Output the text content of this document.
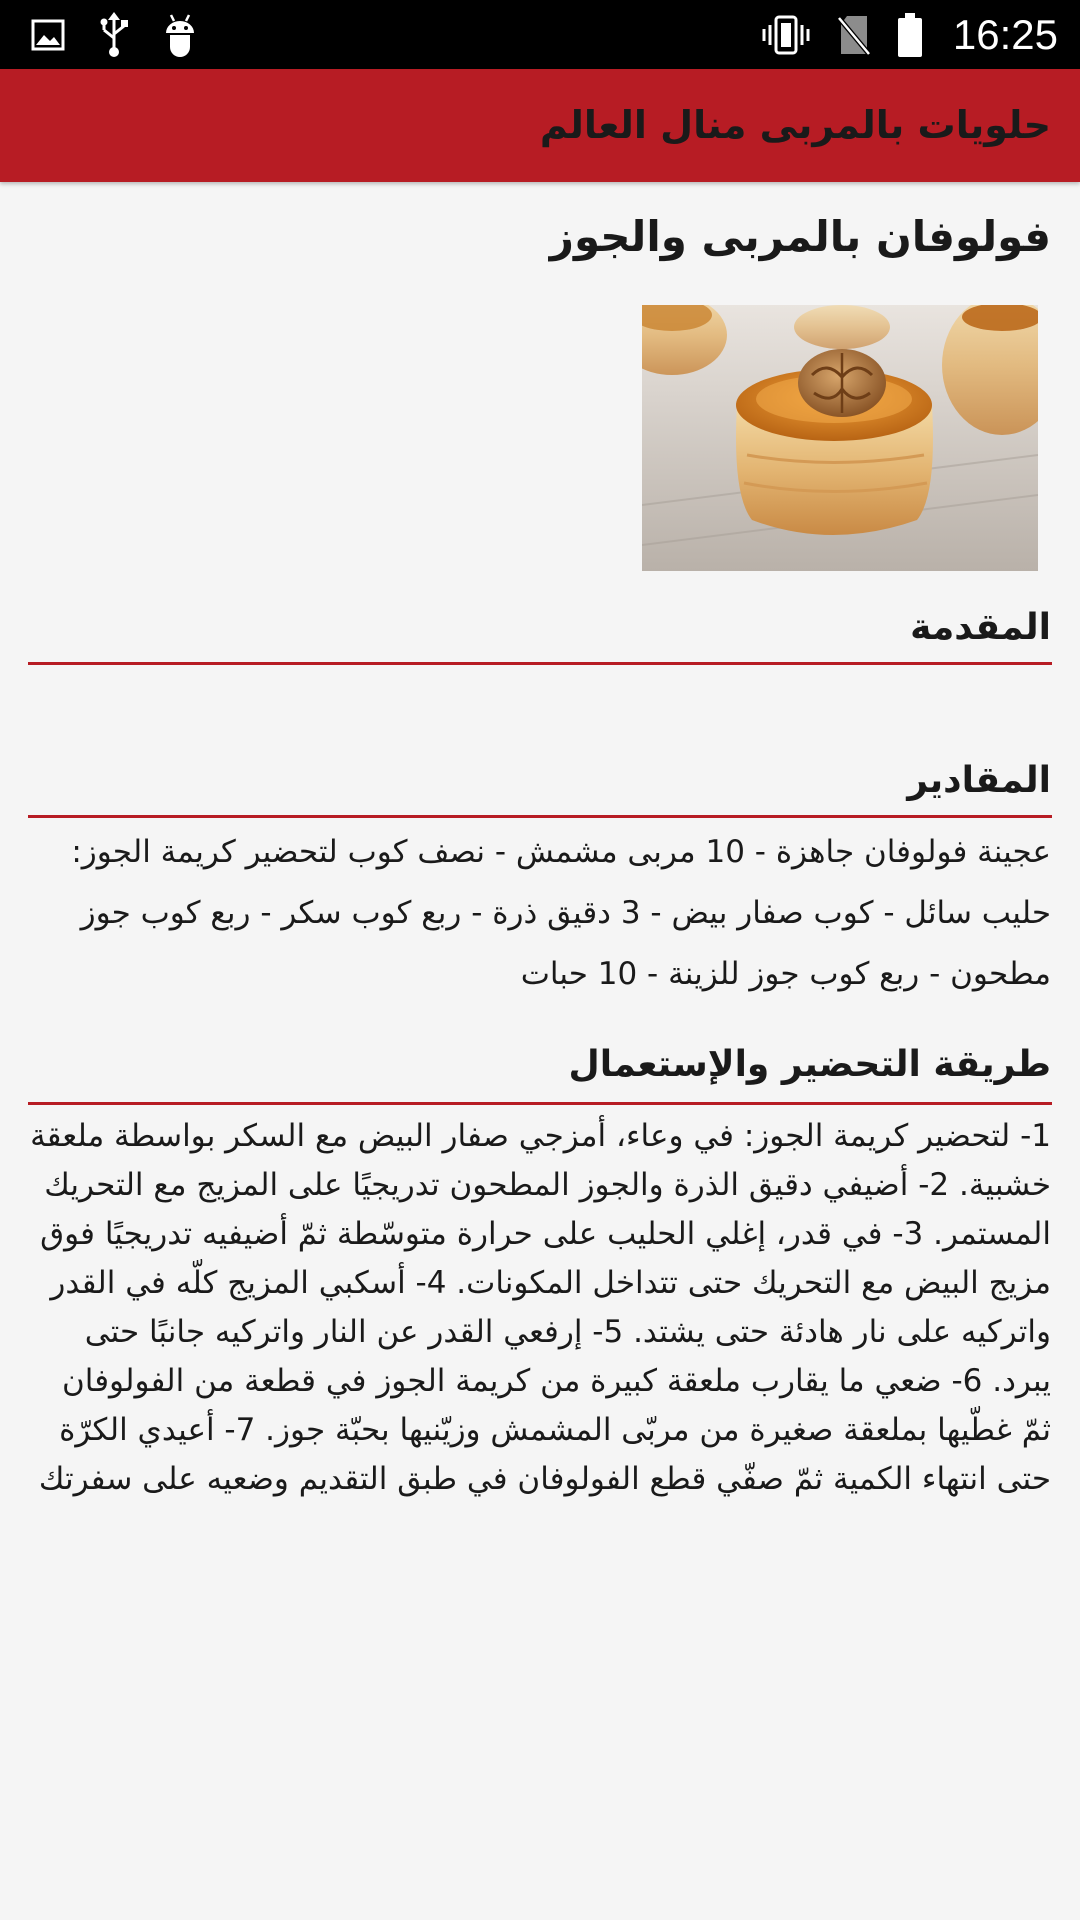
16:25
حلويات بالمربى منال العالم
فولوفان بالمربى والجوز
المقدمة

المقادير

عجينة فولوفان جاهزة - 10 مربى مشمش - نصف كوب لتحضير كريمة الجوز: حليب سائل - كوب صفار بيض - 3 دقيق ذرة - ربع كوب سكر - ربع كوب جوز مطحون - ربع كوب جوز للزينة - 10 حبات

طريقة التحضير والإستعمال

1- لتحضير كريمة الجوز: في وعاء، أمزجي صفار البيض مع السكر بواسطة ملعقة خشبية. 2- أضيفي دقيق الذرة والجوز المطحون تدريجيًا على المزيج مع التحريك المستمر. 3- في قدر، إغلي الحليب على حرارة متوسّطة ثمّ أضيفيه تدريجيًا فوق مزيج البيض مع التحريك حتى تتداخل المكونات. 4- أسكبي المزيج كلّه في القدر واتركيه على نار هادئة حتى يشتد. 5- إرفعي القدر عن النار واتركيه جانبًا حتى يبرد. 6- ضعي ما يقارب ملعقة كبيرة من كريمة الجوز في قطعة من الفولوفان ثمّ غطّيها بملعقة صغيرة من مربّى المشمش وزيّنيها بحبّة جوز. 7- أعيدي الكرّة حتى انتهاء الكمية ثمّ صفّي قطع الفولوفان في طبق التقديم وضعيه على سفرتك
